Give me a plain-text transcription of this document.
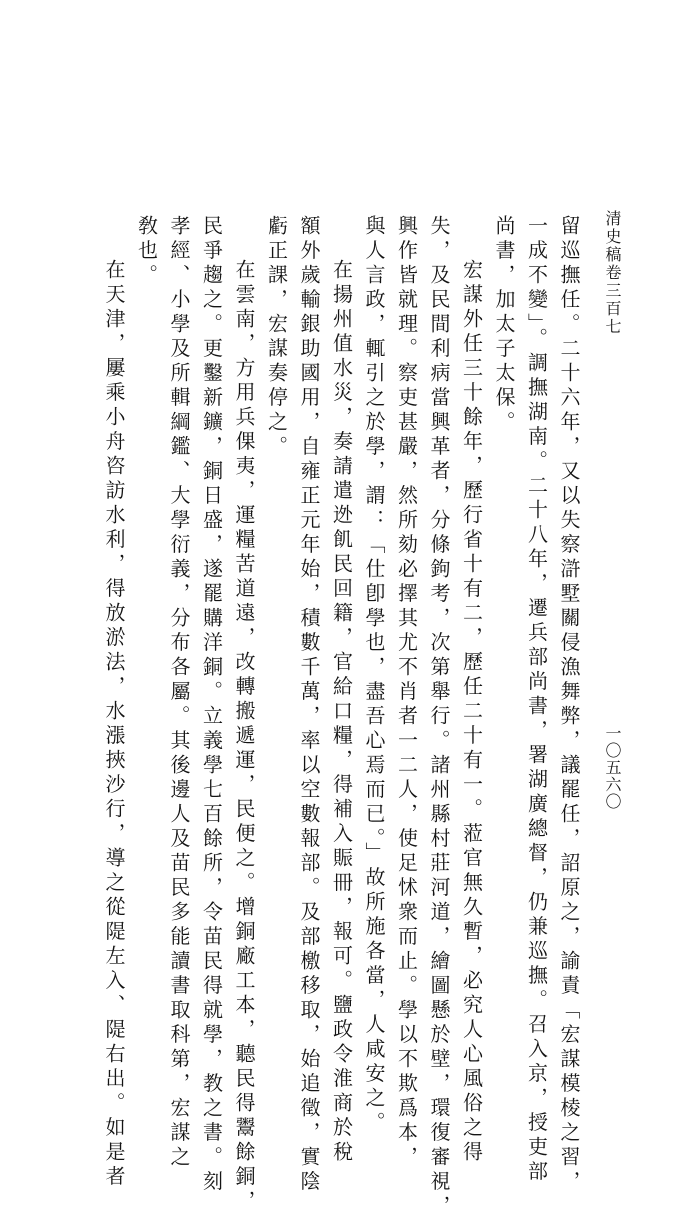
清史稿卷三百七
一〇五六〇
留巡撫任。二十六年，又以失察滸墅關侵漁舞弊，議罷任，詔原之，諭責「宏謀模棱之習，
一成不變」。調撫湖南。二十八年，遷兵部尚書，署湖廣總督，仍兼巡撫。召入京，授吏部
尚書，加太子太保。
宏謀外任三十餘年，歷行省十有二，歷任二十有一。蒞官無久暫，必究人心風俗之得
失，及民間利病當興革者，分條鉤考，次第舉行。諸州縣村莊河道，繪圖懸於壁，環復審視，
興作皆就理。察吏甚嚴，然所劾必擇其尤不肖者一二人，使足怵衆而止。學以不欺爲本，
與人言政，輒引之於學，謂：「仕卽學也，盡吾心焉而已。」故所施各當，人咸安之。
在揚州值水災，奏請遣迯飢民回籍，官給口糧，得補入賑冊，報可。鹽政令淮商於稅
額外歲輸銀助國用，自雍正元年始，積數千萬，率以空數報部。及部檄移取，始追徵，實陰
虧正課，宏謀奏停之。
在雲南，方用兵倮夷，運糧苦道遠，改轉搬遞運，民便之。增銅廠工本，聽民得鬻餘銅，
民爭趨之。更鑿新鑛，銅日盛，遂罷購洋銅。立義學七百餘所，令苗民得就學，教之書。刻
孝經、小學及所輯綱鑑、大學衍義，分布各屬。其後邊人及苗民多能讀書取科第，宏謀之
敎也。
在天津，屢乘小舟咨訪水利，得放淤法，水漲挾沙行，導之從隄左入、隄右出。如是者
